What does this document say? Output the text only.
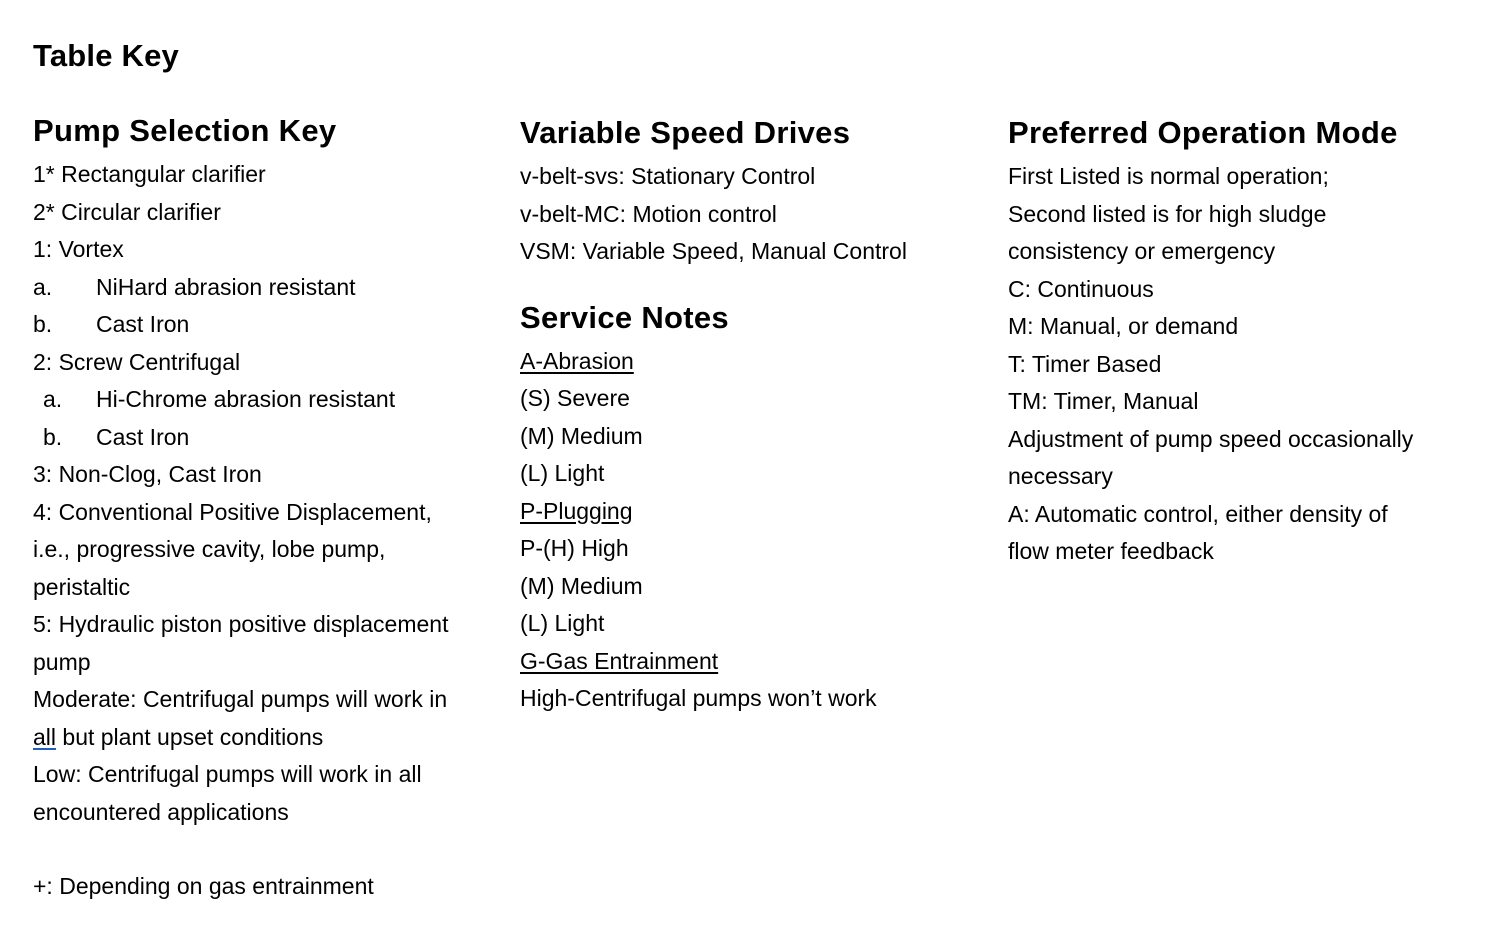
Table Key
Pump Selection Key
1* Rectangular clarifier
2* Circular clarifier
1: Vortex
a.	NiHard abrasion resistant
b.	Cast Iron
2: Screw Centrifugal
a.	Hi-Chrome abrasion resistant
b.	Cast Iron
3: Non-Clog, Cast Iron
4: Conventional Positive Displacement,
i.e., progressive cavity, lobe pump,
peristaltic
5: Hydraulic piston positive displacement
pump
Moderate: Centrifugal pumps will work in
all but plant upset conditions
Low: Centrifugal pumps will work in all
encountered applications
+: Depending on gas entrainment
Variable Speed Drives
v-belt-svs: Stationary Control
v-belt-MC: Motion control
VSM: Variable Speed, Manual Control
Service Notes
A-Abrasion
(S) Severe
(M) Medium
(L) Light
P-Plugging
P-(H) High
(M) Medium
(L) Light
G-Gas Entrainment
High-Centrifugal pumps won’t work
Preferred Operation Mode
First Listed is normal operation;
Second listed is for high sludge
consistency or emergency
C: Continuous
M: Manual, or demand
T: Timer Based
TM: Timer, Manual
Adjustment of pump speed occasionally
necessary
A: Automatic control, either density of
flow meter feedback
